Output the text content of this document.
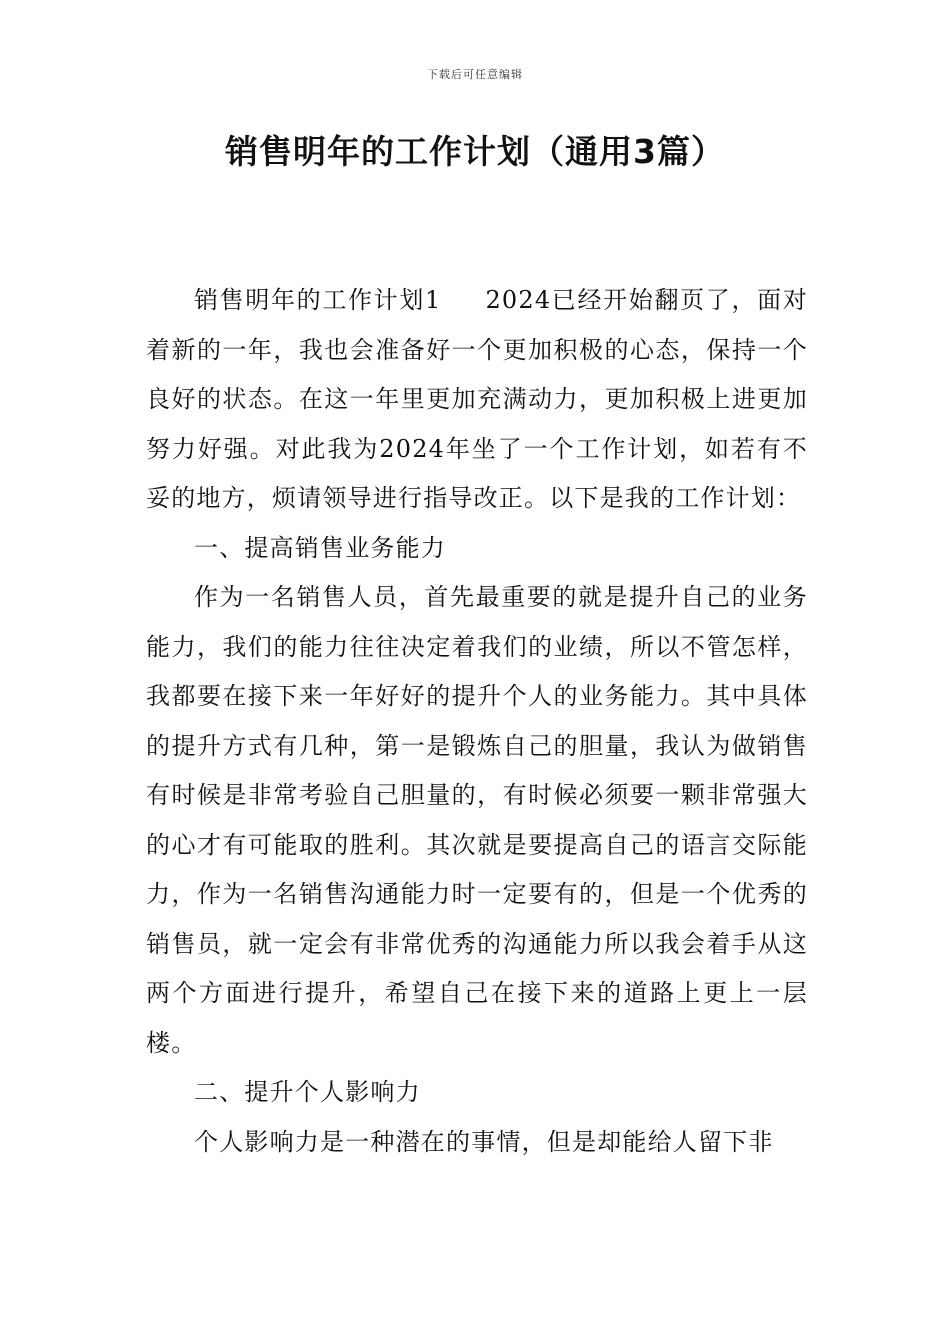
下载后可任意编辑
销售明年的工作计划（通用3篇）

销售明年的工作计划1 2024已经开始翻页了，面对着新的一年，我也会准备好一个更加积极的心态，保持一个良好的状态。在这一年里更加充满动力，更加积极上进更加努力好强。对此我为2024年坐了一个工作计划，如若有不妥的地方，烦请领导进行指导改正。以下是我的工作计划：

一、提高销售业务能力

作为一名销售人员，首先最重要的就是提升自己的业务能力，我们的能力往往决定着我们的业绩，所以不管怎样，我都要在接下来一年好好的提升个人的业务能力。其中具体的提升方式有几种，第一是锻炼自己的胆量，我认为做销售有时候是非常考验自己胆量的，有时候必须要一颗非常强大的心才有可能取的胜利。其次就是要提高自己的语言交际能力，作为一名销售沟通能力时一定要有的，但是一个优秀的销售员，就一定会有非常优秀的沟通能力所以我会着手从这两个方面进行提升，希望自己在接下来的道路上更上一层楼。

二、提升个人影响力

个人影响力是一种潜在的事情，但是却能给人留下非
